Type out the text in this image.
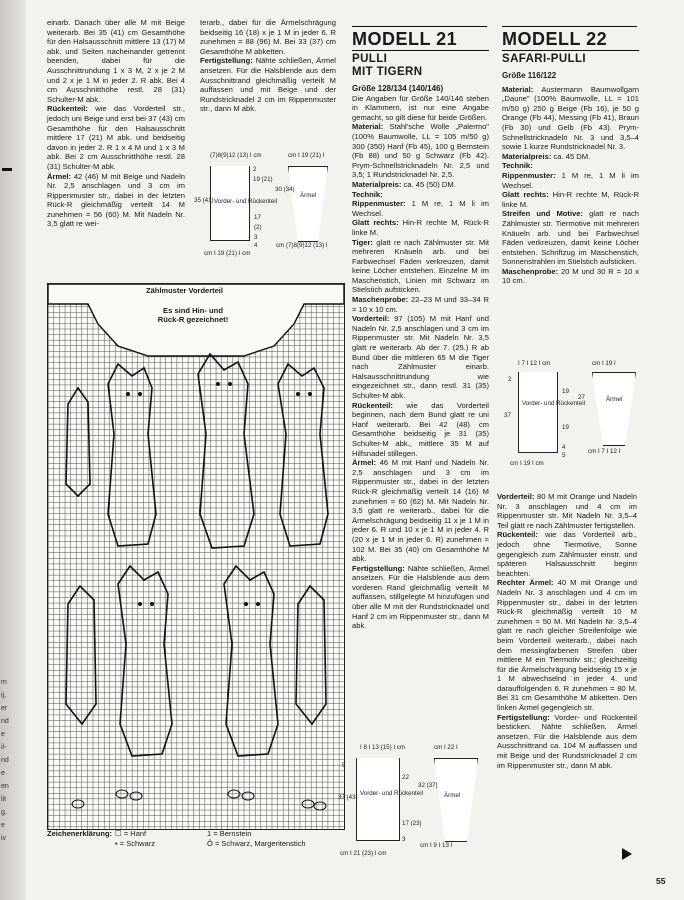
m
ij,
er
nd
e
il-
nd
e
en
lit
g,
e
iv

einarb. Danach über alle M mit Beige weiterarb. Bei 35 (41) cm Gesamthöhe für den Halsausschnitt mittlere 13 (17) M abk. und Seiten nacheinander getrennt beenden, dabei für die Ausschnittrundung 1 x 3 M, 2 x je 2 M und 2 x je 1 M in jeder 2. R abk. Bei 4 cm Ausschnitthöhe restl. 28 (31) Schulter-M abk.

Rückenteil: wie das Vorderteil str., jedoch uni Beige und erst bei 37 (43) cm Gesamthöhe für den Halsausschnitt mittlere 17 (21) M abk. und beidseitig davon in jeder 2. R 1 x 4 M und 1 x 3 M abk. Bei 2 cm Ausschnitthöhe restl. 28 (31) Schulter-M abk.

Ärmel: 42 (46) M mit Beige und Nadeln Nr. 2,5 anschlagen und 3 cm im Rippenmuster str., dabei in der letzten Rück-R gleichmäßig verteilt 14 M zunehmen = 56 (60) M. Mit Nadeln Nr. 3,5 glatt re wei-

terarb., dabei für die Ärmelschrägung beidseitig 16 (18) x je 1 M in jeder 6. R zunehmen = 88 (96) M. Bei 33 (37) cm Gesamthöhe M abketten.

Fertigstellung: Nähte schließen, Ärmel ansetzen. Für die Halsblende aus dem Ausschnittrand gleichmäßig verteilt M auffassen und mit Beige und der Rundstricknadel 2 cm im Rippenmuster str., dann M abk.

(7)8(9)12 (13) I cm	cm I 19 (21) I
Vorder- und Rückenteil
Ärmel
2
19 (21)
35 (41)
30 (34)
17
(2)
3
4
cm I 19 (21) I cm
cm (7)8(9)12 (13) I
Zählmuster Vorderteil
Es sind Hin- und Rück-R gezeichnet!
Zeichenerklärung: ☐ = Hanf
• = Schwarz
1 = Bernstein
Ô = Schwarz, Margeritenstich
MODELL 21
PULLI
MIT TIGERN
Größe 128/134 (140/146)

Die Angaben für Größe 140/146 stehen in Klammern, ist nur eine Angabe gemacht, so gilt diese für beide Größen.

Material: Stahl'sche Wolle „Palermo" (100% Baumwolle, LL = 105 m/50 g) 300 (350) Hanf (Fb 45), 100 g Bernstein (Fb 88) und 50 g Schwarz (Fb 42). Prym-Schnellstricknadeln Nr. 2,5 und 3,5; 1 Rundstricknadel Nr. 2,5.

Materialpreis: ca. 45 (50) DM.

Technik:

Rippenmuster: 1 M re, 1 M li im Wechsel.

Glatt rechts: Hin-R rechte M, Rück-R linke M.

Tiger: glatt re nach Zählmuster str. Mit mehreren Knäueln arb. und bei Farbwechsel Fäden verkreuzen, damit keine Löcher entstehen. Einzelne M im Maschenstich, Linien mit Schwarz im Stielstich aufsticken.

Maschenprobe: 22–23 M und 33–34 R = 10 x 10 cm.

Vorderteil: 97 (105) M mit Hanf und Nadeln Nr. 2,5 anschlagen und 3 cm im Rippenmuster str. Mit Nadeln Nr. 3,5 glatt re weiterarb. Ab der 7. (25.) R ab Bund über die mittleren 65 M die Tiger nach Zählmuster einarb. Halsausschnittrundung wie eingezeichnet str., dann restl. 31 (35) Schulter-M abk.

Rückenteil: wie das Vorderteil beginnen, nach dem Bund glatt re uni Hanf weiterarb. Bei 42 (48) cm Gesamthöhe beidseitig je 31 (35) Schulter-M abk., mittlere 35 M auf Hilfsnadel stillegen.

Ärmel: 46 M mit Hanf und Nadeln Nr. 2,5 anschlagen und 3 cm im Rippenmuster str., dabei in der letzten Rück-R gleichmäßig verteilt 14 (16) M zunehmen = 60 (62) M. Mit Nadeln Nr. 3,5 glatt re weiterarb., dabei für die Ärmelschrägung beidseitig 11 x je 1 M in jeder 6. R und 10 x je 1 M in jeder 4. R (20 x je 1 M in jeder 6. R) zunehmen = 102 M. Bei 35 (40) cm Gesamthöhe M abk.

Fertigstellung: Nähte schließen, Ärmel ansetzen. Für die Halsblende aus dem vorderen Rand gleichmäßig verteilt M auffassen, stillgelegte M hinzufügen und über alle M mit der Rundstricknadel und Hanf 2 cm im Rippenmuster str., dann M abk.

I 8 I 13 (15) I cm	cm I 22 I
Vorder- und Rückenteil	Ärmel
5
22
37 (43)
32 (37)
17 (23)
3
cm I 21 (23) I cm
cm I 9 I 13 I
MODELL 22
SAFARI-PULLI
Größe 116/122

Material: Austermann Baumwollgarn „Daune" (100% Baumwolle, LL = 101 m/50 g) 250 g Beige (Fb 16), je 50 g Orange (Fb 44), Messing (Fb 41), Braun (Fb 30) und Gelb (Fb 43). Prym-Schnellstricknadeln Nr. 3 und 3,5–4 sowie 1 kurze Rundstricknadel Nr. 3.

Materialpreis: ca. 45 DM.

Technik:

Rippenmuster: 1 M re, 1 M li im Wechsel.

Glatt rechts: Hin-R rechte M, Rück-R linke M.

Streifen und Motive: glatt re nach Zählmuster str. Tiermotive mit mehreren Knäueln arb. und bei Farbwechsel Fäden verkreuzen, damit keine Löcher entstehen. Schriftzug im Maschenstich, Sonnenstrahlen im Stielstich aufsticken.

Maschenprobe: 20 M und 30 R = 10 x 10 cm.

I 7 I 12 I cm	cm I 19 I
Vorder- und Rückenteil
Ärmel
2
19
37
19
27
4
5
cm I 19 I cm
cm I 7 I 12 I

Vorderteil: 80 M mit Orange und Nadeln Nr. 3 anschlagen und 4 cm im Rippenmuster str. Mit Nadeln Nr. 3,5–4 Teil glatt re nach Zählmuster fertigstellen.

Rückenteil: wie das Vorderteil arb., jedoch ohne Tiermotive, Sonne gegengleich zum Zählmuster einstr. und späteren Halsausschnitt beginn beachten.

Rechter Ärmel: 40 M mit Orange und Nadeln Nr. 3 anschlagen und 4 cm im Rippenmuster str., dabei in der letzten Rück-R gleichmäßig verteilt 10 M zunehmen = 50 M. Mit Nadeln Nr. 3,5–4 glatt re nach gleicher Streifenfolge wie beim Vorderteil weiterarb., dabei nach dem messingfarbenen Streifen über mittlere M ein Tiermotiv str.; gleichzeitig für die Ärmelschrägung beidseitig 15 x je 1 M abwechselnd in jeder 4. und darauffolgenden 6. R zunehmen = 80 M. Bei 31 cm Gesamthöhe M abketten. Den linken Ärmel gegengleich str.

Fertigstellung: Vorder- und Rückenteil besticken. Nähte schließen, Ärmel ansetzen. Für die Halsblende aus dem Ausschnittrand ca. 104 M auffassen und mit Beige und der Rundstricknadel 2 cm im Rippenmuster str., dann M abk.

55
